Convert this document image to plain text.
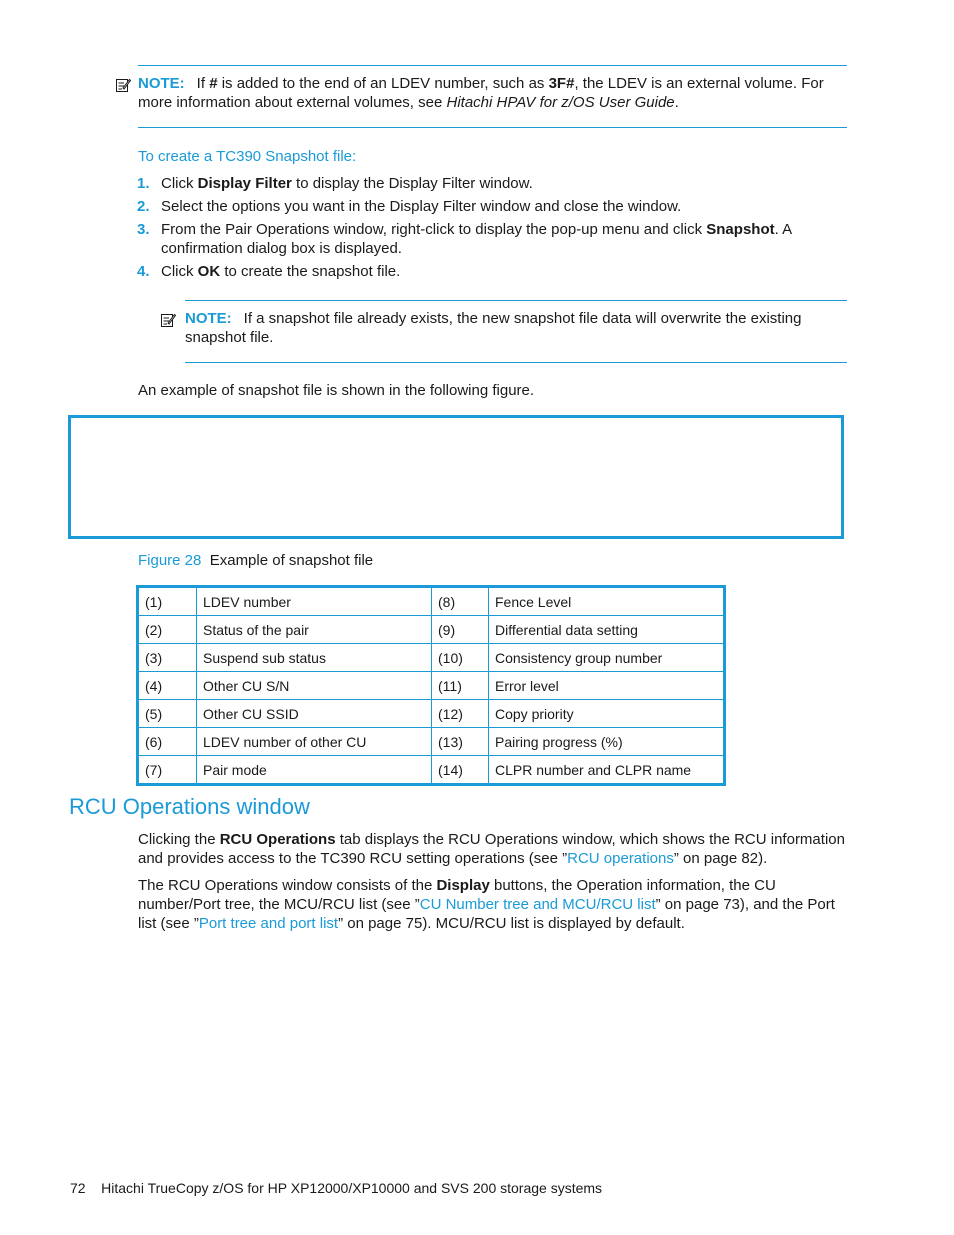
NOTE: If # is added to the end of an LDEV number, such as 3F#, the LDEV is an external volume. For more information about external volumes, see Hitachi HPAV for z/OS User Guide.
To create a TC390 Snapshot file:
1. Click Display Filter to display the Display Filter window.
2. Select the options you want in the Display Filter window and close the window.
3. From the Pair Operations window, right-click to display the pop-up menu and click Snapshot. A confirmation dialog box is displayed.
4. Click OK to create the snapshot file.
NOTE: If a snapshot file already exists, the new snapshot file data will overwrite the existing snapshot file.
An example of snapshot file is shown in the following figure.
Figure 28 Example of snapshot file
(1)	LDEV number	(8)	Fence Level
(2)	Status of the pair	(9)	Differential data setting
(3)	Suspend sub status	(10)	Consistency group number
(4)	Other CU S/N	(11)	Error level
(5)	Other CU SSID	(12)	Copy priority
(6)	LDEV number of other CU	(13)	Pairing progress (%)
(7)	Pair mode	(14)	CLPR number and CLPR name
RCU Operations window

Clicking the RCU Operations tab displays the RCU Operations window, which shows the RCU information and provides access to the TC390 RCU setting operations (see ”RCU operations” on page 82).

The RCU Operations window consists of the Display buttons, the Operation information, the CU number/Port tree, the MCU/RCU list (see ”CU Number tree and MCU/RCU list” on page 73), and the Port list (see ”Port tree and port list” on page 75). MCU/RCU list is displayed by default.

72 Hitachi TrueCopy z/OS for HP XP12000/XP10000 and SVS 200 storage systems
